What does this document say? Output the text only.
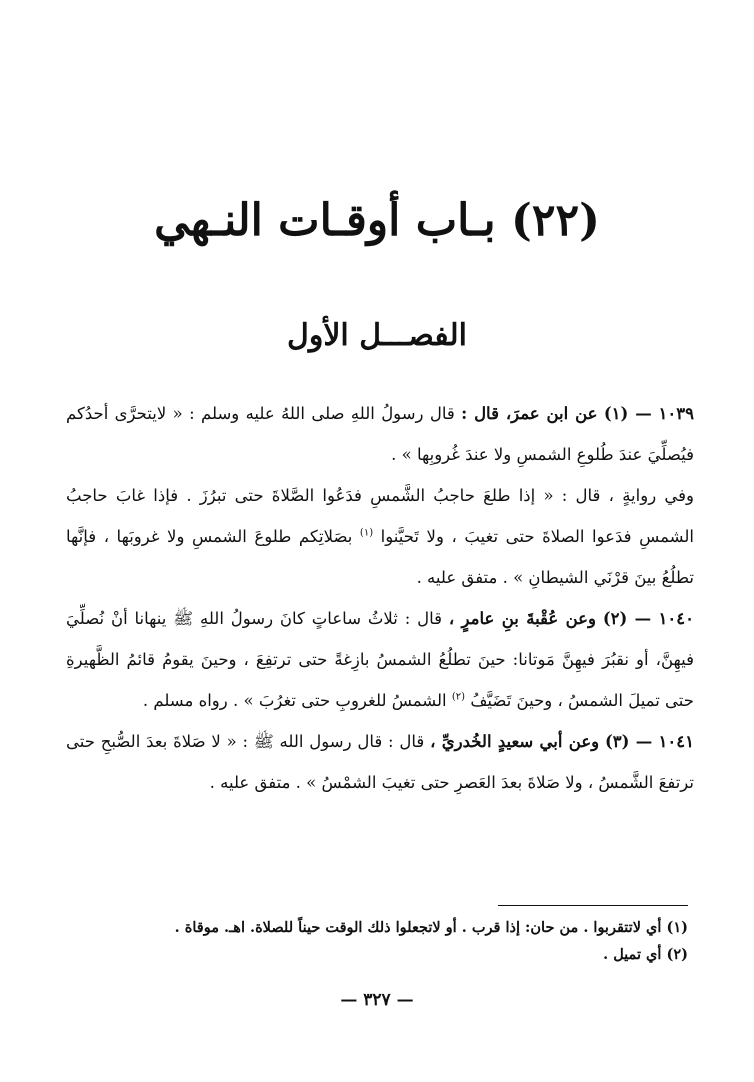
(٢٢) بـاب أوقـات النـهي
الفصـــل الأول

١٠٣٩ — (١) عن ابن عمرَ، قال : قال رسولُ اللهِ صلى اللهُ عليه وسلم : « لايتحرَّى أحدُكم فيُصلِّيَ عندَ طُلوعِ الشمسِ ولا عندَ غُروبِها » .

وفي روايةٍ ، قال : « إذا طلعَ حاجبُ الشَّمسِ فدَعُوا الصَّلاةَ حتى تبرُزَ . فإذا غابَ حاجبُ الشمسِ فدَعوا الصلاةَ حتى تغيبَ ، ولا تَحيَّنوا $^{(١)}$ بصَلاتِكم طلوعَ الشمسِ ولا غروبَها ، فإنَّها تطلُعُ بينَ قرْنَي الشيطانِ » . متفق عليه .

١٠٤٠ — (٢) وعن عُقْبةَ بنِ عامرٍ ، قال : ثلاثُ ساعاتٍ كانَ رسولُ اللهِ ﷺ ينهانا أنْ نُصلِّيَ فيهِنَّ، أو نقبُرَ فيهِنَّ مَوتانا: حينَ تطلُعُ الشمسُ بازِغةً حتى ترتفِعَ ، وحينَ يقومُ قائمُ الظَّهيرةِ حتى تميلَ الشمسُ ، وحينَ تَضَيَّفُ $^{(٢)}$ الشمسُ للغروبِ حتى تغرُبَ » . رواه مسلم .

١٠٤١ — (٣) وعن أبي سعيدٍ الخُدريِّ ، قال : قال رسول الله ﷺ : « لا صَلاةَ بعدَ الصُّبحِ حتى ترتفعَ الشَّمسُ ، ولا صَلاةَ بعدَ العَصرِ حتى تغيبَ الشمْسُ » . متفق عليه .

(١) أي لاتتقربوا . من حان: إذا قرب . أو لاتجعلوا ذلك الوقت حيناً للصلاة. اهـ. موقاة .

(٢) أي تميل .

— ٣٢٧ —
